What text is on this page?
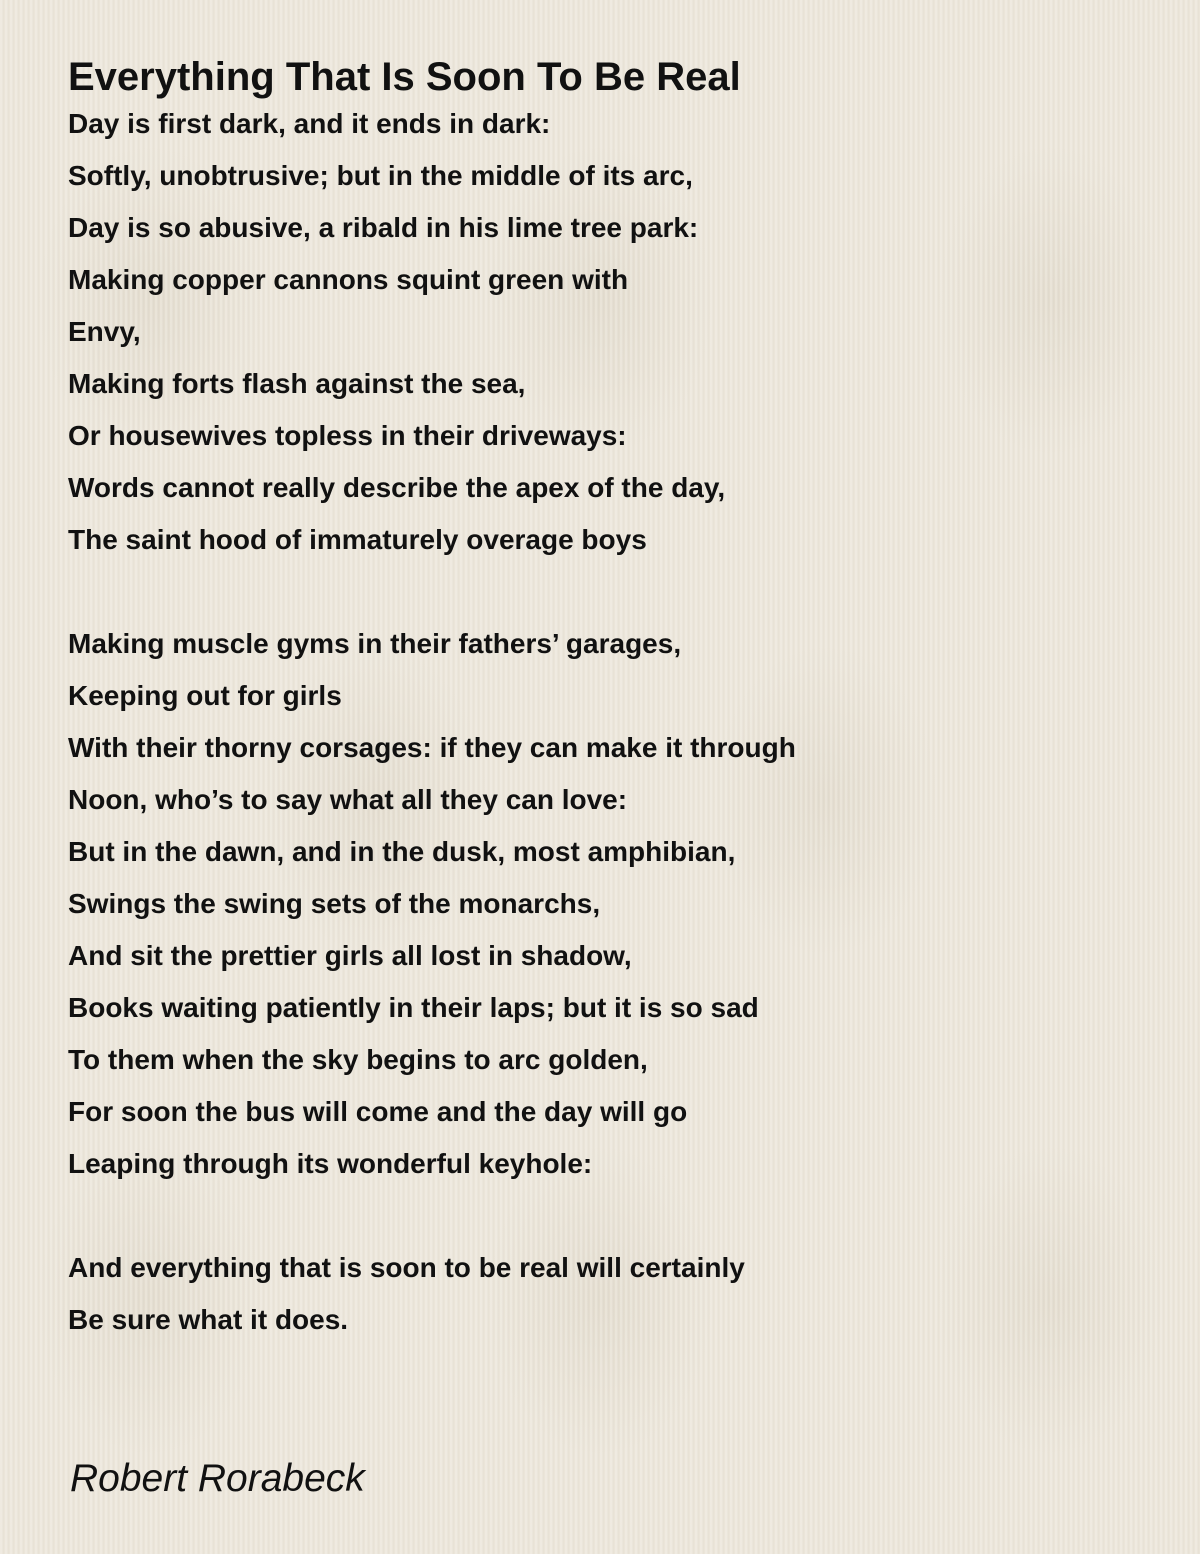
Everything That Is Soon To Be Real
Day is first dark, and it ends in dark:
Softly, unobtrusive; but in the middle of its arc,
Day is so abusive, a ribald in his lime tree park:
Making copper cannons squint green with
Envy,
Making forts flash against the sea,
Or housewives topless in their driveways:
Words cannot really describe the apex of the day,
The saint hood of immaturely overage boys
Making muscle gyms in their fathers’ garages,
Keeping out for girls
With their thorny corsages: if they can make it through
Noon, who’s to say what all they can love:
But in the dawn, and in the dusk, most amphibian,
Swings the swing sets of the monarchs,
And sit the prettier girls all lost in shadow,
Books waiting patiently in their laps; but it is so sad
To them when the sky begins to arc golden,
For soon the bus will come and the day will go
Leaping through its wonderful keyhole:
And everything that is soon to be real will certainly
Be sure what it does.

Robert Rorabeck
